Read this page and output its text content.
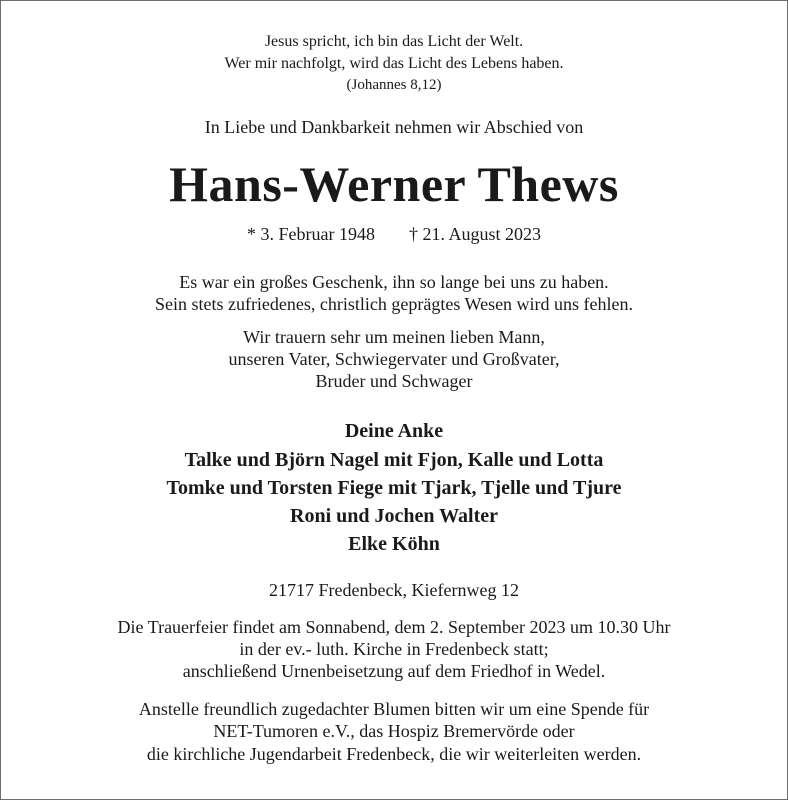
Jesus spricht, ich bin das Licht der Welt.
Wer mir nachfolgt, wird das Licht des Lebens haben.
(Johannes 8,12)
In Liebe und Dankbarkeit nehmen wir Abschied von
Hans-Werner Thews
* 3. Februar 1948 † 21. August 2023
Es war ein großes Geschenk, ihn so lange bei uns zu haben.
Sein stets zufriedenes, christlich geprägtes Wesen wird uns fehlen.
Wir trauern sehr um meinen lieben Mann,
unseren Vater, Schwiegervater und Großvater,
Bruder und Schwager
Deine Anke
Talke und Björn Nagel mit Fjon, Kalle und Lotta
Tomke und Torsten Fiege mit Tjark, Tjelle und Tjure
Roni und Jochen Walter
Elke Köhn
21717 Fredenbeck, Kiefernweg 12
Die Trauerfeier findet am Sonnabend, dem 2. September 2023 um 10.30 Uhr
in der ev.- luth. Kirche in Fredenbeck statt;
anschließend Urnenbeisetzung auf dem Friedhof in Wedel.
Anstelle freundlich zugedachter Blumen bitten wir um eine Spende für
NET-Tumoren e.V., das Hospiz Bremervörde oder
die kirchliche Jugendarbeit Fredenbeck, die wir weiterleiten werden.
